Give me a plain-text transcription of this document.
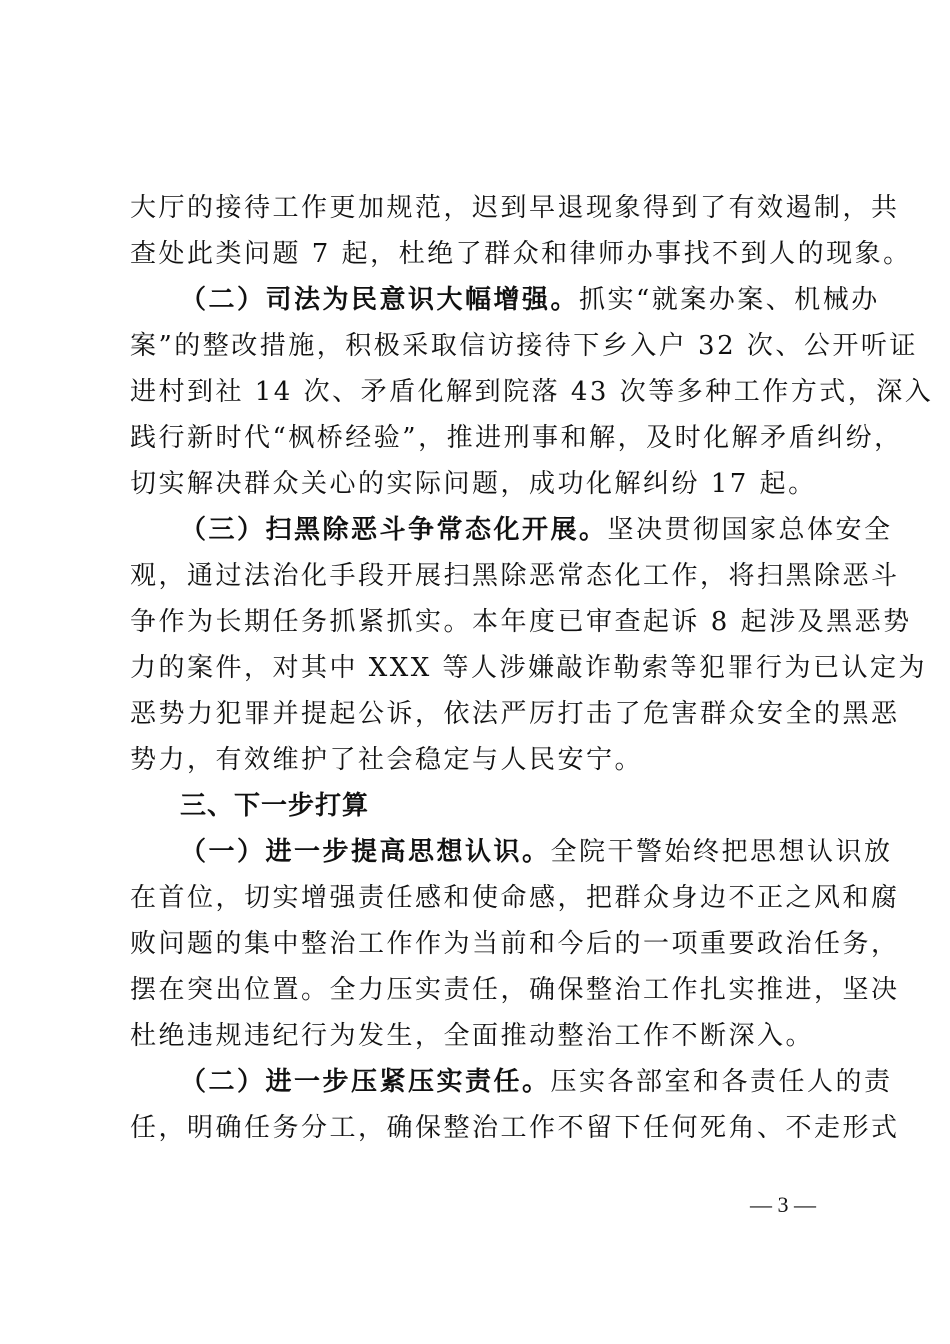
大厅的接待工作更加规范，迟到早退现象得到了有效遏制，共
查处此类问题 7 起，杜绝了群众和律师办事找不到人的现象。
（二）司法为民意识大幅增强。抓实“就案办案、机械办
案”的整改措施，积极采取信访接待下乡入户 32 次、公开听证
进村到社 14 次、矛盾化解到院落 43 次等多种工作方式，深入
践行新时代“枫桥经验”，推进刑事和解，及时化解矛盾纠纷，
切实解决群众关心的实际问题，成功化解纠纷 17 起。
（三）扫黑除恶斗争常态化开展。坚决贯彻国家总体安全
观，通过法治化手段开展扫黑除恶常态化工作，将扫黑除恶斗
争作为长期任务抓紧抓实。本年度已审查起诉 8 起涉及黑恶势
力的案件，对其中 XXX 等人涉嫌敲诈勒索等犯罪行为已认定为
恶势力犯罪并提起公诉，依法严厉打击了危害群众安全的黑恶
势力，有效维护了社会稳定与人民安宁。
三、下一步打算
（一）进一步提高思想认识。全院干警始终把思想认识放
在首位，切实增强责任感和使命感，把群众身边不正之风和腐
败问题的集中整治工作作为当前和今后的一项重要政治任务，
摆在突出位置。全力压实责任，确保整治工作扎实推进，坚决
杜绝违规违纪行为发生，全面推动整治工作不断深入。
（二）进一步压紧压实责任。压实各部室和各责任人的责
任，明确任务分工，确保整治工作不留下任何死角、不走形式
— 3 —
